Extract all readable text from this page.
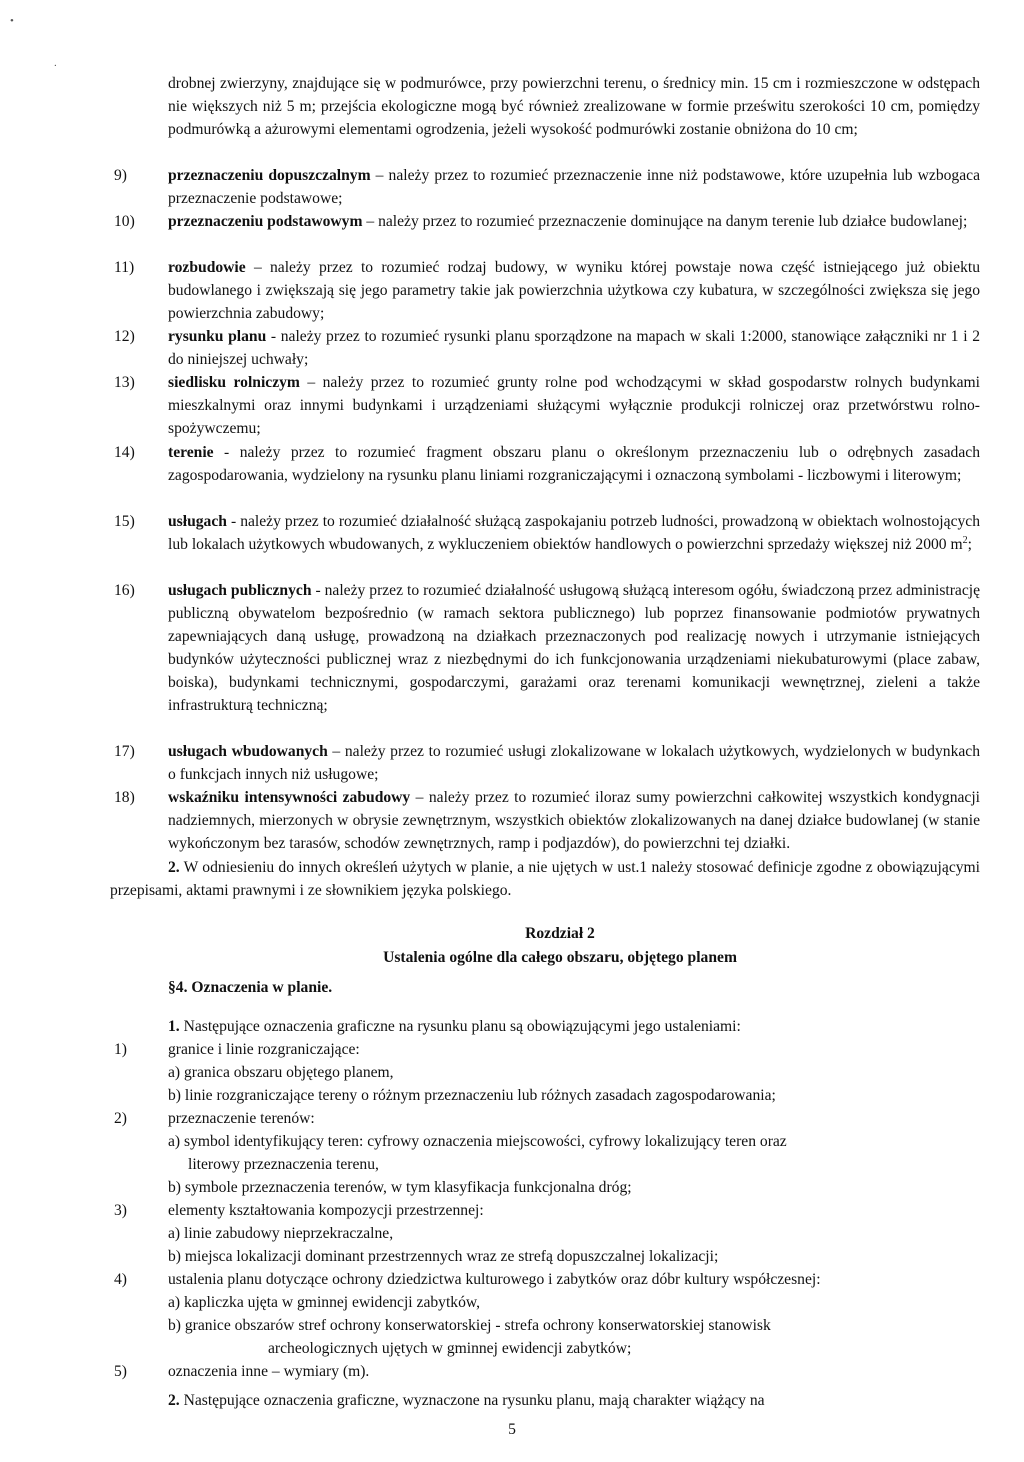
•
.
drobnej zwierzyny, znajdujące się w podmurówce, przy powierzchni terenu, o średnicy min. 15 cm i rozmieszczone w odstępach nie większych niż 5 m; przejścia ekologiczne mogą być również zrealizowane w formie prześwitu szerokości 10 cm, pomiędzy podmurówką a ażurowymi elementami ogrodzenia, jeżeli wysokość podmurówki zostanie obniżona do 10 cm;
9)	przeznaczeniu dopuszczalnym – należy przez to rozumieć przeznaczenie inne niż podstawowe, które uzupełnia lub wzbogaca przeznaczenie podstawowe;
10)	przeznaczeniu podstawowym – należy przez to rozumieć przeznaczenie dominujące na danym terenie lub działce budowlanej;
11)	rozbudowie – należy przez to rozumieć rodzaj budowy, w wyniku której powstaje nowa część istniejącego już obiektu budowlanego i zwiększają się jego parametry takie jak powierzchnia użytkowa czy kubatura, w szczególności zwiększa się jego powierzchnia zabudowy;
12)	rysunku planu - należy przez to rozumieć rysunki planu sporządzone na mapach w skali 1:2000, stanowiące załączniki nr 1 i 2 do niniejszej uchwały;
13)	siedlisku rolniczym – należy przez to rozumieć grunty rolne pod wchodzącymi w skład gospodarstw rolnych budynkami mieszkalnymi oraz innymi budynkami i urządzeniami służącymi wyłącznie produkcji rolniczej oraz przetwórstwu rolno-spożywczemu;
14)	terenie - należy przez to rozumieć fragment obszaru planu o określonym przeznaczeniu lub o odrębnych zasadach zagospodarowania, wydzielony na rysunku planu liniami rozgraniczającymi i oznaczoną symbolami - liczbowymi i literowym;
15)	usługach - należy przez to rozumieć działalność służącą zaspokajaniu potrzeb ludności, prowadzoną w obiektach wolnostojących lub lokalach użytkowych wbudowanych, z wykluczeniem obiektów handlowych o powierzchni sprzedaży większej niż 2000 $m^2$;
16)	usługach publicznych - należy przez to rozumieć działalność usługową służącą interesom ogółu, świadczoną przez administrację publiczną obywatelom bezpośrednio (w ramach sektora publicznego) lub poprzez finansowanie podmiotów prywatnych zapewniających daną usługę, prowadzoną na działkach przeznaczonych pod realizację nowych i utrzymanie istniejących budynków użyteczności publicznej wraz z niezbędnymi do ich funkcjonowania urządzeniami niekubaturowymi (place zabaw, boiska), budynkami technicznymi, gospodarczymi, garażami oraz terenami komunikacji wewnętrznej, zieleni a także infrastrukturą techniczną;
17)	usługach wbudowanych – należy przez to rozumieć usługi zlokalizowane w lokalach użytkowych, wydzielonych w budynkach o funkcjach innych niż usługowe;
18)	wskaźniku intensywności zabudowy – należy przez to rozumieć iloraz sumy powierzchni całkowitej wszystkich kondygnacji nadziemnych, mierzonych w obrysie zewnętrznym, wszystkich obiektów zlokalizowanych na danej działce budowlanej (w stanie wykończonym bez tarasów, schodów zewnętrznych, ramp i podjazdów), do powierzchni tej działki.
2. W odniesieniu do innych określeń użytych w planie, a nie ujętych w ust.1 należy stosować definicje zgodne z obowiązującymi przepisami, aktami prawnymi i ze słownikiem języka polskiego.
Rozdział 2
Ustalenia ogólne dla całego obszaru, objętego planem
§4. Oznaczenia w planie.
1. Następujące oznaczenia graficzne na rysunku planu są obowiązującymi jego ustaleniami:
1)	granice i linie rozgraniczające:
a) granica obszaru objętego planem,
b) linie rozgraniczające tereny o różnym przeznaczeniu lub różnych zasadach zagospodarowania;
2)	przeznaczenie terenów:
a) symbol identyfikujący teren: cyfrowy oznaczenia miejscowości, cyfrowy lokalizujący teren oraz
literowy przeznaczenia terenu,
b) symbole przeznaczenia terenów, w tym klasyfikacja funkcjonalna dróg;
3)	elementy kształtowania kompozycji przestrzennej:
a) linie zabudowy nieprzekraczalne,
b) miejsca lokalizacji dominant przestrzennych wraz ze strefą dopuszczalnej lokalizacji;
4)	ustalenia planu dotyczące ochrony dziedzictwa kulturowego i zabytków oraz dóbr kultury współczesnej:
a) kapliczka ujęta w gminnej ewidencji zabytków,
b) granice obszarów stref ochrony konserwatorskiej - strefa ochrony konserwatorskiej stanowisk
archeologicznych ujętych w gminnej ewidencji zabytków;
5)	oznaczenia inne – wymiary (m).
2. Następujące oznaczenia graficzne, wyznaczone na rysunku planu, mają charakter wiążący na
5
